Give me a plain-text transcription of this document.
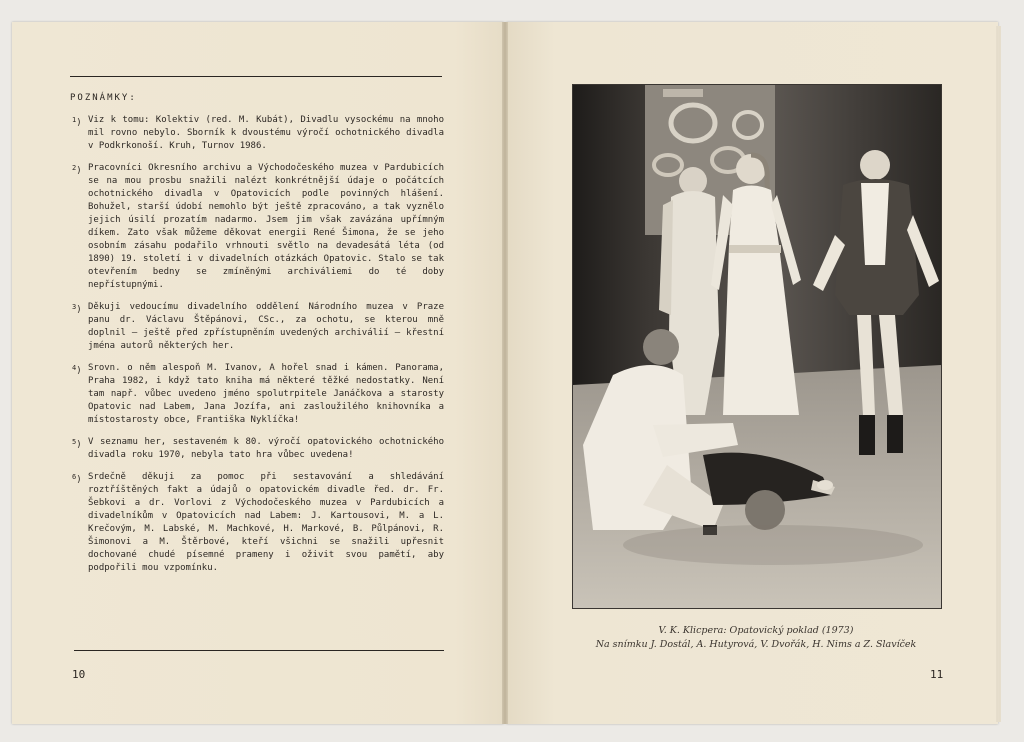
POZNÁMKY:
$^1$) Viz k tomu: Kolektiv (red. M. Kubát), Divadlu vysockému na mnoho mil rovno nebylo. Sborník k dvoustému výročí ochotnického divadla v Podkrkonoší. Kruh, Turnov 1986.
$^2$) Pracovníci Okresního archivu a Východočeského muzea v Pardubicích se na mou prosbu snažili nalézt konkrétnější údaje o počátcích ochotnického divadla v Opatovicích podle povinných hlášení. Bohužel, starší údobí nemohlo být ještě zpracováno, a tak vyznělo jejich úsilí prozatím nadarmo. Jsem jim však zavázána upřímným díkem. Zato však můžeme děkovat energii René Šimona, že se jeho osobním zásahu podařilo vrhnouti světlo na devadesátá léta (od 1890) 19. století i v divadelních otázkách Opatovic. Stalo se tak otevřením bedny se zmíněnými archiváliemi do té doby nepřístupnými.
$^3$) Děkuji vedoucímu divadelního oddělení Národního muzea v Praze panu dr. Václavu Štěpánovi, CSc., za ochotu, se kterou mně doplnil — ještě před zpřístupněním uvedených archiválií — křestní jména autorů některých her.
$^4$) Srovn. o něm alespoň M. Ivanov, A hořel snad i kámen. Panorama, Praha 1982, i když tato kniha má některé těžké nedostatky. Není tam např. vůbec uvedeno jméno spolutrpitele Janáčkova a starosty Opatovic nad Labem, Jana Jozífa, ani zasloužilého knihovníka a místostarosty obce, Františka Nyklíčka!
$^5$) V seznamu her, sestaveném k 80. výročí opatovického ochotnického divadla roku 1970, nebyla tato hra vůbec uvedena!
$^6$) Srdečně děkuji za pomoc při sestavování a shledávání roztříštěných fakt a údajů o opatovickém divadle řed. dr. Fr. Šebkovi a dr. Vorlovi z Východočeského muzea v Pardubicích a divadelníkům v Opatovicích nad Labem: J. Kartousovi, M. a L. Krečovým, M. Labské, M. Machkové, H. Markové, B. Půlpánovi, R. Šimonovi a M. Štěrbové, kteří všichni se snažili upřesnit dochované chudé písemné prameny i oživit svou pamětí, aby podpořili mou vzpomínku.
10
V. K. Klicpera: Opatovický poklad (1973)
Na snímku J. Dostál, A. Hutyrová, V. Dvořák, H. Nims a Z. Slavíček
11
